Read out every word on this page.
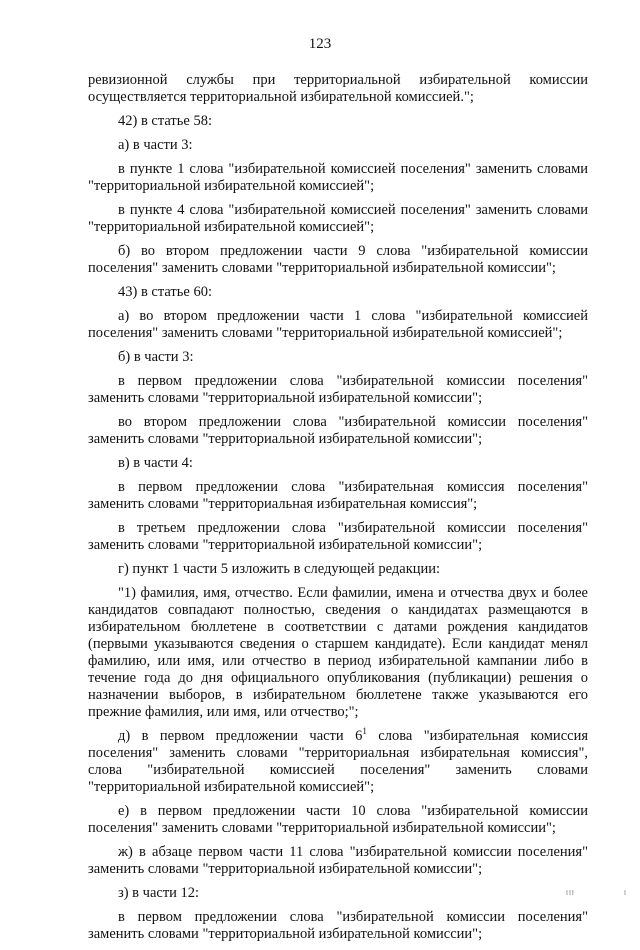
123

ревизионной службы при территориальной избирательной комиссии осуществляется территориальной избирательной комиссией.";

42) в статье 58:

а) в части 3:

в пункте 1 слова "избирательной комиссией поселения" заменить словами "территориальной избирательной комиссией";

в пункте 4 слова "избирательной комиссией поселения" заменить словами "территориальной избирательной комиссией";

б) во втором предложении части 9 слова "избирательной комиссии поселения" заменить словами "территориальной избирательной комиссии";

43) в статье 60:

а) во втором предложении части 1 слова "избирательной комиссией поселения" заменить словами "территориальной избирательной комиссией";

б) в части 3:

в первом предложении слова "избирательной комиссии поселения" заменить словами "территориальной избирательной комиссии";

во втором предложении слова "избирательной комиссии поселения" заменить словами "территориальной избирательной комиссии";

в) в части 4:

в первом предложении слова "избирательная комиссия поселения" заменить словами "территориальная избирательная комиссия";

в третьем предложении слова "избирательной комиссии поселения" заменить словами "территориальной избирательной комиссии";

г) пункт 1 части 5 изложить в следующей редакции:

"1) фамилия, имя, отчество. Если фамилии, имена и отчества двух и более кандидатов совпадают полностью, сведения о кандидатах размещаются в избирательном бюллетене в соответствии с датами рождения кандидатов (первыми указываются сведения о старшем кандидате). Если кандидат менял фамилию, или имя, или отчество в период избирательной кампании либо в течение года до дня официального опубликования (публикации) решения о назначении выборов, в избирательном бюллетене также указываются его прежние фамилия, или имя, или отчество;";

д) в первом предложении части $6^1$ слова "избирательная комиссия поселения" заменить словами "территориальная избирательная комиссия", слова "избирательной комиссией поселения" заменить словами "территориальной избирательной комиссией";

е) в первом предложении части 10 слова "избирательной комиссии поселения" заменить словами "территориальной избирательной комиссии";

ж) в абзаце первом части 11 слова "избирательной комиссии поселения" заменить словами "территориальной избирательной комиссии";

з) в части 12:

в первом предложении слова "избирательной комиссии поселения" заменить словами "территориальной избирательной комиссии";

III	I
